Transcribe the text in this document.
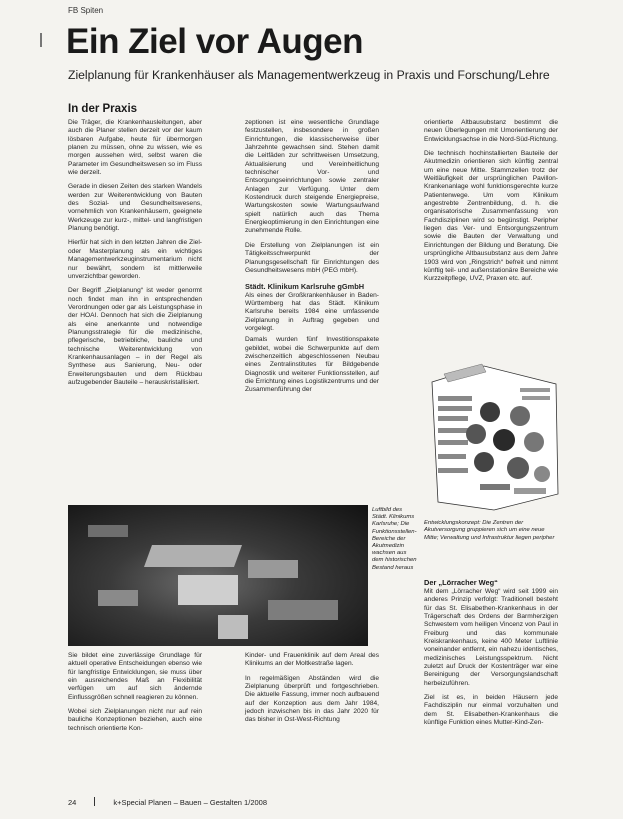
FB Spiten
Ein Ziel vor Augen
Zielplanung für Krankenhäuser als Managementwerkzeug in Praxis und Forschung/Lehre
In der Praxis

Die Träger, die Krankenhausleitungen, aber auch die Planer stellen derzeit vor der kaum lösbaren Aufgabe, heute für übermorgen planen zu müssen, ohne zu wissen, wie es morgen aussehen wird, selbst waren die Parameter im Gesundheitswesen so im Fluss wie derzeit.

Gerade in diesen Zeiten des starken Wandels werden zur Weiterentwicklung von Bauten des Sozial- und Gesundheitswesens, vornehmlich von Krankenhäusern, geeignete Werkzeuge zur kurz-, mittel- und langfristigen Planung benötigt.

Hierfür hat sich in den letzten Jahren die Ziel- oder Masterplanung als ein wichtiges Managementwerkzeuginstrumentarium nicht nur bewährt, sondern ist mittlerweile unverzichtbar geworden.

Der Begriff „Zielplanung“ ist weder genormt noch findet man ihn in entsprechenden Verordnungen oder gar als Leistungsphase in der HOAI. Dennoch hat sich die Zielplanung als eine anerkannte und notwendige Planungsstrategie für die medizinische, pflegerische, betriebliche, bauliche und technische Weiterentwicklung von Krankenhausanlagen – in der Regel als Synthese aus Sanierung, Neu- oder Erweiterungsbauten und dem Rückbau aufzugebender Bauteile – herauskristallisiert.

zeptionen ist eine wesentliche Grundlage festzustellen, insbesondere in großen Einrichtungen, die klassischerweise über Jahrzehnte gewachsen sind. Stehen damit die Leitfäden zur schrittweisen Umsetzung, Aktualisierung und Vereinheitlichung technischer Vor- und Entsorgungseinrichtungen sowie zentraler Anlagen zur Verfügung. Unter dem Kostendruck durch steigende Energiepreise, Wartungskosten sowie Wartungsaufwand spielt natürlich auch das Thema Energieoptimierung in den Einrichtungen eine zunehmende Rolle.

Die Erstellung von Zielplanungen ist ein Tätigkeitsschwerpunkt der Planungsgesellschaft für Einrichtungen des Gesundheitswesens mbH (PEG mbH).

Städt. Klinikum Karlsruhe gGmbH

Als eines der Großkrankenhäuser in Baden-Württemberg hat das Städt. Klinikum Karlsruhe bereits 1984 eine umfassende Zielplanung in Auftrag gegeben und vorgelegt.

Damals wurden fünf Investitionspakete gebildet, wobei die Schwerpunkte auf dem zwischenzeitlich abgeschlossenen Neubau eines Zentralinstitutes für Bildgebende Diagnostik und weiterer Funktionsstellen, auf die Errichtung eines Logistikzentrums und der Zusammenführung der

orientierte Altbausubstanz bestimmt die neuen Überlegungen mit Umorientierung der Entwicklungsachse in die Nord-Süd-Richtung.

Die technisch hochinstallierten Bauteile der Akutmedizin orientieren sich künftig zentral um eine neue Mitte. Stammzellen trotz der Weitläufigkeit der ursprünglichen Pavillon-Krankenanlage wohl funktionsgerechte kurze Patientenwege. Um vom Klinikum angestrebte Zentrenbildung, d. h. die organisatorische Zusammenfassung von Fachdisziplinen wird so begünstigt. Peripher liegen das Ver- und Entsorgungszentrum sowie die Bauten der Verwaltung und Einrichtungen der Bildung und Beratung. Die ursprüngliche Altbausubstanz aus dem Jahre 1903 wird von „Ringstrich“ befreit und nimmt künftig teil- und außenstationäre Bereiche wie Kurzzeitpflege, UVZ, Praxen etc. auf.

Entwicklungskonzept: Die Zentren der Akutversorgung gruppieren sich um eine neue Mitte; Verwaltung und Infrastruktur liegen peripher
Der „Lörracher Weg“

Mit dem „Lörracher Weg“ wird seit 1999 ein anderes Prinzip verfolgt: Traditionell besteht für das St. Elisabethen-Krankenhaus in der Trägerschaft des Ordens der Barmherzigen Schwestern vom heiligen Vincenz von Paul in Freiburg und das kommunale Kreiskrankenhaus, keine 400 Meter Luftlinie voneinander entfernt, ein nahezu identisches, medizinisches Leistungsspektrum. Nicht zuletzt auf Druck der Kostenträger war eine Bereinigung der Versorgungslandschaft herbeizuführen.

Ziel ist es, in beiden Häusern jede Fachdisziplin nur einmal vorzuhalten und dem St. Elisabethen-Krankenhaus die künftige Funktion eines Mutter-Kind-Zen-

Luftbild des Städt. Klinikums Karlsruhe; Die Funktionsstellen- Bereiche der Akutmedizin wachsen aus dem historischen Bestand heraus

Sie bildet eine zuverlässige Grundlage für aktuell operative Entscheidungen ebenso wie für langfristige Entwicklungen, sie muss über ein ausreichendes Maß an Flexibilität verfügen um auf sich ändernde Einflussgrößen schnell reagieren zu können.

Wobei sich Zielplanungen nicht nur auf rein bauliche Konzeptionen beziehen, auch eine technisch orientierte Kon-

Kinder- und Frauenklinik auf dem Areal des Klinikums an der Moltkestraße lagen.

In regelmäßigen Abständen wird die Zielplanung überprüft und fortgeschrieben. Die aktuelle Fassung, immer noch aufbauend auf der Konzeption aus dem Jahr 1984, jedoch inzwischen bis in das Jahr 2020 für das bisher in Ost-West-Richtung

24	k+Special Planen – Bauen – Gestalten 1/2008
